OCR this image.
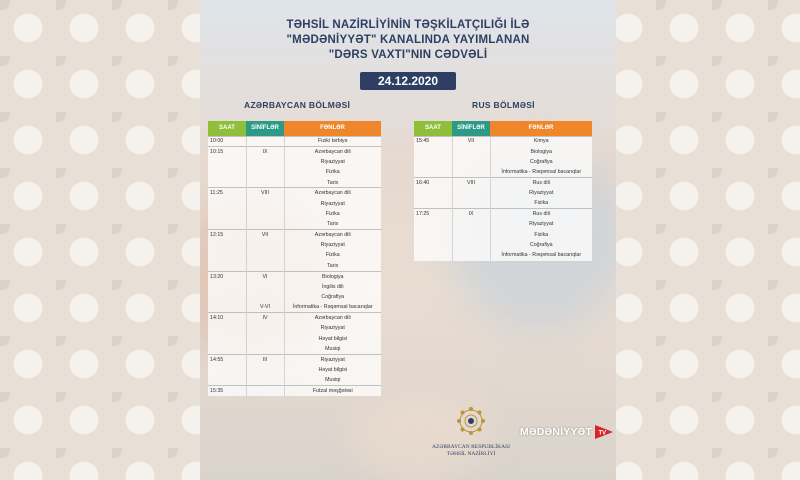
TƏHSİL NAZİRLİYİNİN TƏŞKİLATÇILIĞI İLƏ
"MƏDƏNİYYƏT" KANALINDA YAYIMLANAN
"DƏRS VAXTI"NIN CƏDVƏLİ
24.12.2020
AZƏRBAYCAN BÖLMƏSİ	RUS BÖLMƏSİ
SAAT	SİNİFLƏR	FƏNLƏR
10:00		Fiziki tərbiyə
10:15	IX	Azərbaycan dili
		Riyaziyyat
		Fizika
		Tarix
11:25	VIII	Azərbaycan dili
		Riyaziyyat
		Fizika
		Tarix
12:15	VII	Azərbaycan dili
		Riyaziyyat
		Fizika
		Tarix
13:20	VI	Biologiya
		İngilis dili
		Coğrafiya
	V-VI	İnformatika - Rəqəmsal bacarıqlar
14:10	IV	Azərbaycan dili
		Riyaziyyat
		Həyat bilgisi
		Musiqi
14:55	III	Riyaziyyat
		Həyat bilgisi
		Musiqi
15:35		Futzal məşğələsi
SAAT	SİNİFLƏR	FƏNLƏR
15:45	VII	Kimya
		Biologiya
		Coğrafiya
		İnformatika - Rəqəmsal bacarıqlar
16:40	VIII	Rus dili
		Riyaziyyat
		Fizika
17:25	IX	Rus dili
		Riyaziyyat
		Fizika
		Coğrafiya
		İnformatika - Rəqəmsal bacarıqlar
AZƏRBAYCAN RESPUBLİKASI
TƏHSİL NAZİRLİYİ
MƏDƏNİYYƏT TV
